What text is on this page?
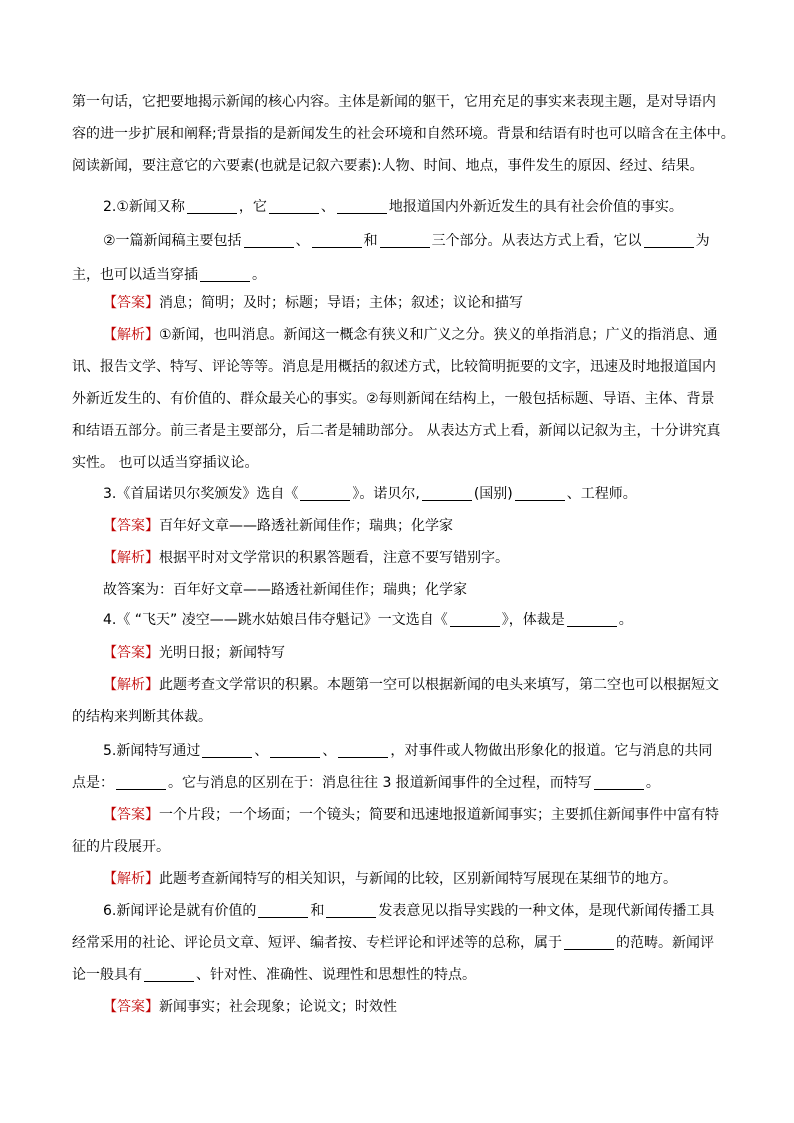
第一句话，它把要地揭示新闻的核心内容。主体是新闻的躯干，它用充足的事实来表现主题，是对导语内
容的进一步扩展和阐释;背景指的是新闻发生的社会环境和自然环境。背景和结语有时也可以暗含在主体中。
阅读新闻，要注意它的六要素(也就是记叙六要素):人物、时间、地点，事件发生的原因、经过、结果。
2.①新闻又称	，它	、	地报道国内外新近发生的具有社会价值的事实。
②一篇新闻稿主要包括	、	和	三个部分。从表达方式上看，它以	为
主，也可以适当穿插	。
【答案】消息；简明；及时；标题；导语；主体；叙述；议论和描写
【解析】①新闻，也叫消息。新闻这一概念有狭义和广义之分。狭义的单指消息；广义的指消息、通
讯、报告文学、特写、评论等等。消息是用概括的叙述方式，比较简明扼要的文字，迅速及时地报道国内
外新近发生的、有价值的、群众最关心的事实。②每则新闻在结构上，一般包括标题、导语、主体、背景
和结语五部分。前三者是主要部分，后二者是辅助部分。 从表达方式上看，新闻以记叙为主，十分讲究真
实性。 也可以适当穿插议论。
3.《首届诺贝尔奖颁发》选自《	》。诺贝尔,	(国别)	、工程师。
【答案】百年好文章——路透社新闻佳作；瑞典；化学家
【解析】根据平时对文学常识的积累答题看，注意不要写错别字。
故答案为：百年好文章——路透社新闻佳作；瑞典；化学家
4.《 “飞天” 凌空——跳水姑娘吕伟夺魁记》一文选自《	》，体裁是	。
【答案】光明日报；新闻特写
【解析】此题考查文学常识的积累。本题第一空可以根据新闻的电头来填写，第二空也可以根据短文
的结构来判断其体裁。
5.新闻特写通过	、	、	，对事件或人物做出形象化的报道。它与消息的共同
点是：	。它与消息的区别在于：消息往往 3 报道新闻事件的全过程，而特写	。
【答案】一个片段；一个场面；一个镜头；简要和迅速地报道新闻事实；主要抓住新闻事件中富有特
征的片段展开。
【解析】此题考查新闻特写的相关知识，与新闻的比较，区别新闻特写展现在某细节的地方。
6.新闻评论是就有价值的	和	发表意见以指导实践的一种文体，是现代新闻传播工具
经常采用的社论、评论员文章、短评、编者按、专栏评论和评述等的总称，属于	的范畴。新闻评
论一般具有	、针对性、准确性、说理性和思想性的特点。
【答案】新闻事实；社会现象；论说文；时效性
